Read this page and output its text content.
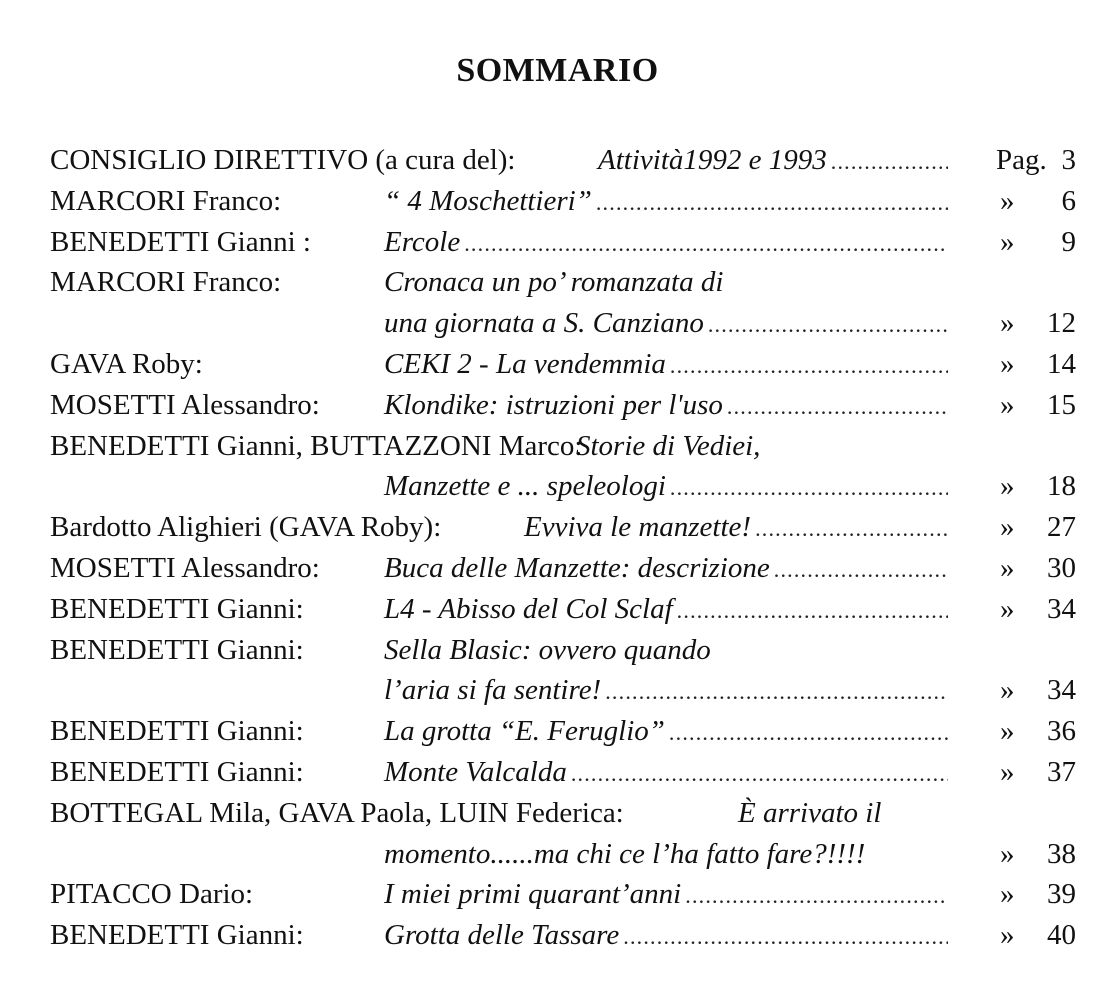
SOMMARIO
CONSIGLIO DIRETTIVO (a cura del):	Attività1992 e 1993 .....	Pag. 3
MARCORI Franco:	“ 4 Moschettieri” .....	» 6
BENEDETTI Gianni :	Ercole .....	» 9
MARCORI Franco:	Cronaca un po’ romanzata di
una giornata a S. Canziano .....	» 12
GAVA Roby:	CEKI 2 - La vendemmia .....	» 14
MOSETTI Alessandro: Klondike: istruzioni per l'uso .....	» 15
BENEDETTI Gianni, BUTTAZZONI Marco:
Storie di Vediei,
Manzette e ... speleologi .....	» 18
Bardotto Alighieri (GAVA Roby):	Evviva le manzette! .....	» 27
MOSETTI Alessandro: Buca delle Manzette: descrizione .....	» 30
BENEDETTI Gianni:	L4 - Abisso del Col Sclaf .....	» 34
BENEDETTI Gianni:	Sella Blasic: ovvero quando
l’aria si fa sentire! .....	» 34
BENEDETTI Gianni:	La grotta “E. Feruglio” .....	» 36
BENEDETTI Gianni:	Monte Valcalda .....	» 37
BOTTEGAL Mila, GAVA Paola, LUIN Federica:	È arrivato il
momento......ma chi ce l’ha fatto fare?!!!!	» 38
PITACCO Dario:	I miei primi quarant’anni .....	» 39
BENEDETTI Gianni:	Grotta delle Tassare .....	» 40
